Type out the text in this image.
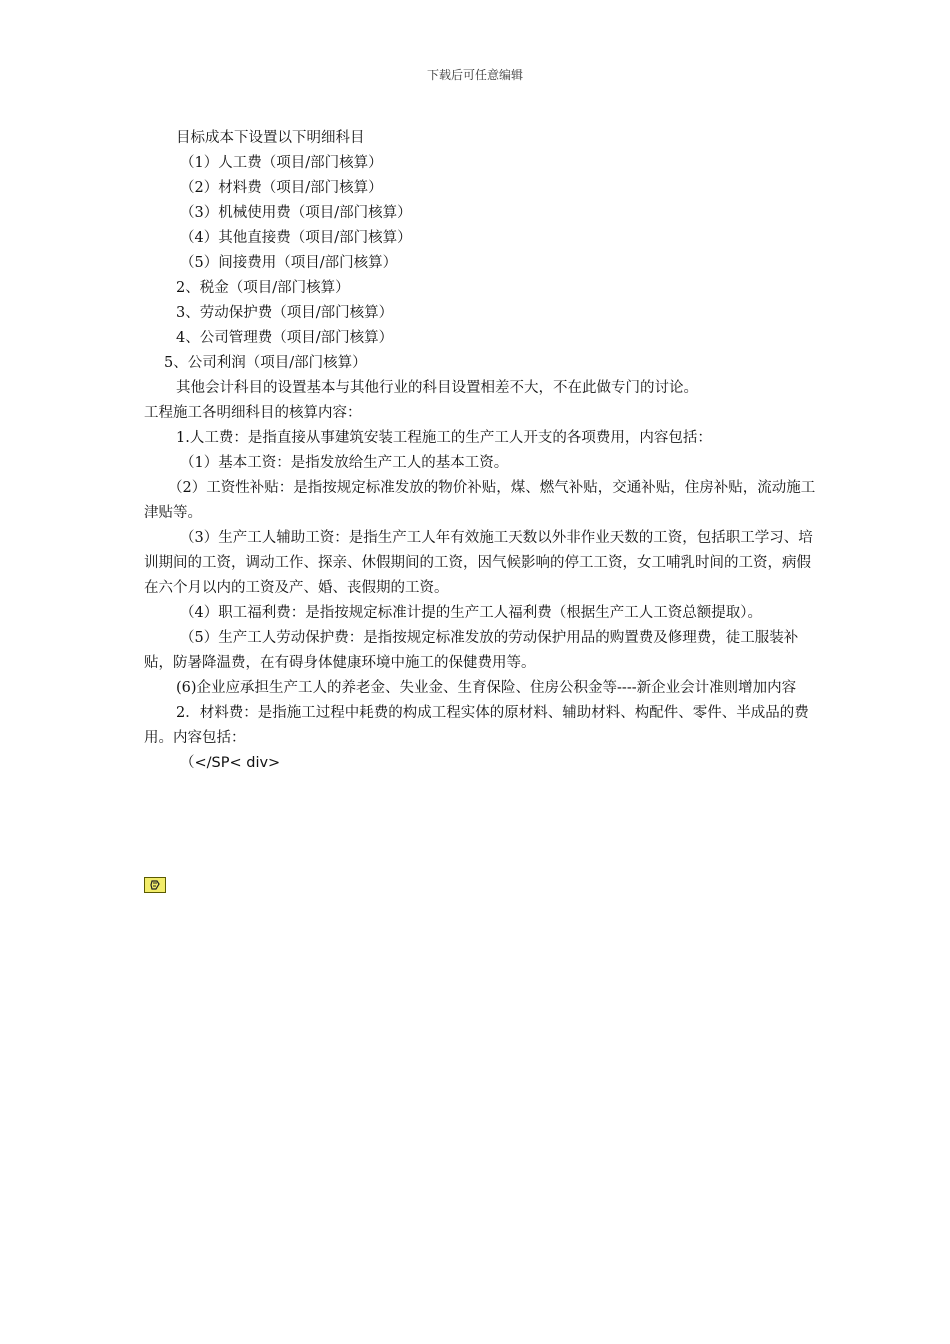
下载后可任意编辑
目标成本下设置以下明细科目
（1）人工费（项目/部门核算）
（2）材料费（项目/部门核算）
（3）机械使用费（项目/部门核算）
（4）其他直接费（项目/部门核算）
（5）间接费用（项目/部门核算）
2、税金（项目/部门核算）
3、劳动保护费（项目/部门核算）
4、公司管理费（项目/部门核算）
5、公司利润（项目/部门核算）
其他会计科目的设置基本与其他行业的科目设置相差不大，不在此做专门的讨论。
工程施工各明细科目的核算内容：
1.人工费：是指直接从事建筑安装工程施工的生产工人开支的各项费用，内容包括：
（1）基本工资：是指发放给生产工人的基本工资。
（2）工资性补贴：是指按规定标准发放的物价补贴，煤、燃气补贴，交通补贴，住房补贴，流动施工津贴等。
（3）生产工人辅助工资：是指生产工人年有效施工天数以外非作业天数的工资，包括职工学习、培训期间的工资，调动工作、探亲、休假期间的工资，因气候影响的停工工资，女工哺乳时间的工资，病假在六个月以内的工资及产、婚、丧假期的工资。
（4）职工福利费：是指按规定标准计提的生产工人福利费（根据生产工人工资总额提取）。
（5）生产工人劳动保护费：是指按规定标准发放的劳动保护用品的购置费及修理费，徒工服装补贴，防暑降温费，在有碍身体健康环境中施工的保健费用等。
(6)企业应承担生产工人的养老金、失业金、生育保险、住房公积金等----新企业会计准则增加内容
2．材料费：是指施工过程中耗费的构成工程实体的原材料、辅助材料、构配件、零件、半成品的费用。内容包括：
（</SP< div>
